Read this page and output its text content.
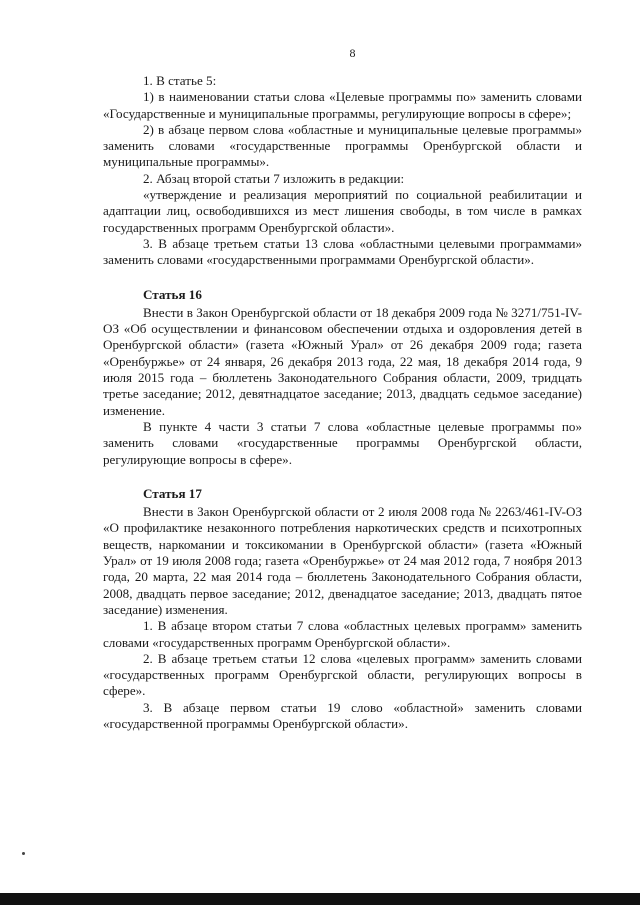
8

1. В статье 5:

1) в наименовании статьи слова «Целевые программы по» заменить словами «Государственные и муниципальные программы, регулирующие вопросы в сфере»;

2) в абзаце первом слова «областные и муниципальные целевые программы» заменить словами «государственные программы Оренбургской области и муниципальные программы».

2. Абзац второй статьи 7 изложить в редакции:

«утверждение и реализация мероприятий по социальной реабилитации и адаптации лиц, освободившихся из мест лишения свободы, в том числе в рамках государственных программ Оренбургской области».

3. В абзаце третьем статьи 13 слова «областными целевыми программами» заменить словами «государственными программами Оренбургской области».

Статья 16

Внести в Закон Оренбургской области от 18 декабря 2009 года № 3271/751-IV-ОЗ «Об осуществлении и финансовом обеспечении отдыха и оздоровления детей в Оренбургской области» (газета «Южный Урал» от 26 декабря 2009 года; газета «Оренбуржье» от 24 января, 26 декабря 2013 года, 22 мая, 18 декабря 2014 года, 9 июля 2015 года – бюллетень Законодательного Собрания области, 2009, тридцать третье заседание; 2012, девятнадцатое заседание; 2013, двадцать седьмое заседание) изменение.

В пункте 4 части 3 статьи 7 слова «областные целевые программы по» заменить словами «государственные программы Оренбургской области, регулирующие вопросы в сфере».

Статья 17

Внести в Закон Оренбургской области от 2 июля 2008 года № 2263/461-IV-ОЗ «О профилактике незаконного потребления наркотических средств и психотропных веществ, наркомании и токсикомании в Оренбургской области» (газета «Южный Урал» от 19 июля 2008 года; газета «Оренбуржье» от 24 мая 2012 года, 7 ноября 2013 года, 20 марта, 22 мая 2014 года – бюллетень Законодательного Собрания области, 2008, двадцать первое заседание; 2012, двенадцатое заседание; 2013, двадцать пятое заседание) изменения.

1. В абзаце втором статьи 7 слова «областных целевых программ» заменить словами «государственных программ Оренбургской области».

2. В абзаце третьем статьи 12 слова «целевых программ» заменить словами «государственных программ Оренбургской области, регулирующих вопросы в сфере».

3. В абзаце первом статьи 19 слово «областной» заменить словами «государственной программы Оренбургской области».
